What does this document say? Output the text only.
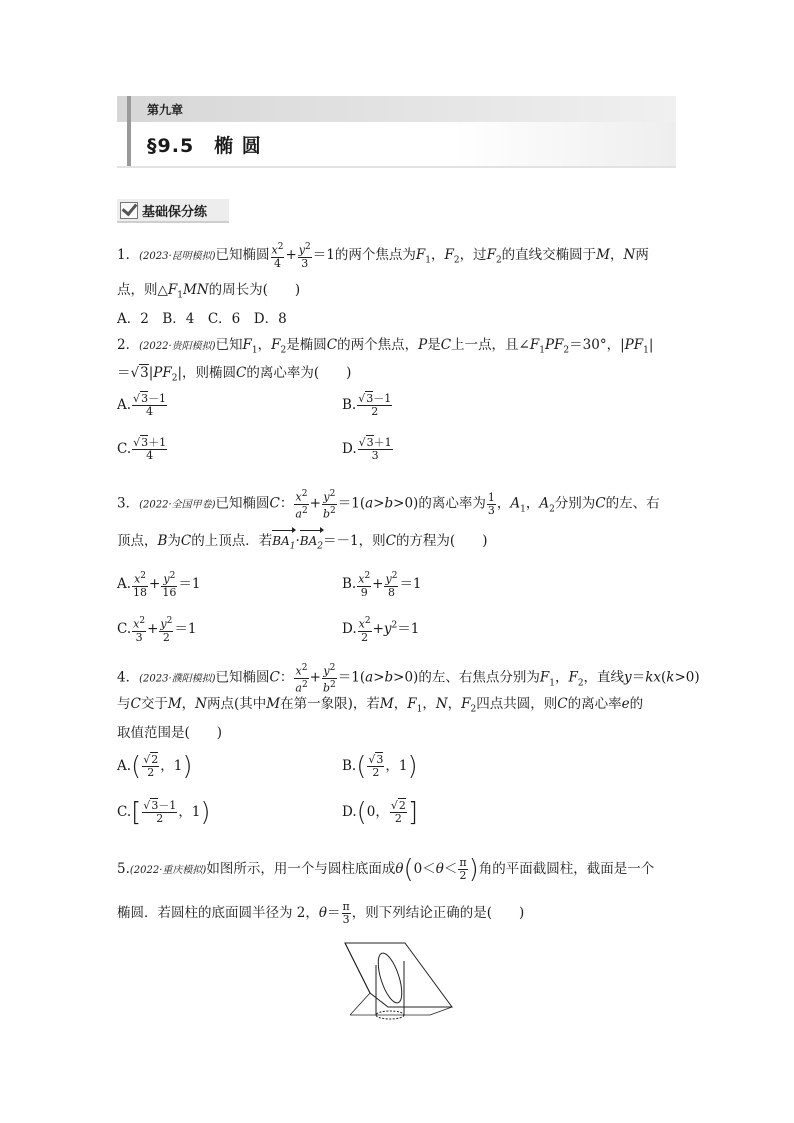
第九章
§9.5　椭 圆
基础保分练
1．(2023·昆明模拟)已知椭圆 $\frac{x^2}{4} + \frac{y^2}{3} =1$的两个焦点为$F_1$，$F_2$，过$F_2$的直线交椭圆于M，N两
点，则$\triangle F_1MN$的周长为(　　)
A．2　B．4　C．6　D．8
2．(2022·贵阳模拟)已知$F_1$，$F_2$是椭圆C的两个焦点，P是C上一点，且$\angle F_1PF_2=30^\circ$，$|PF_1|$
$=√3|PF_2|$，则椭圆C的离心率为(　　)
A. $\frac{√3-1}{4}$	B. $\frac{√3-1}{2}$
C. $\frac{√3+1}{4}$	D. $\frac{√3+1}{3}$
3．(2022·全国甲卷)已知椭圆C： $\frac{x^2}{a^2} + \frac{y^2}{b^2} =1(a>b>0)$的离心率为 $\frac{1}{3}$ ，$A_1$，$A_2$分别为C的左、右
顶点，B为C的上顶点．若$BA_1\cdot BA_2=-1$，则C的方程为(　　)
A. $\frac{x^2}{18} + \frac{y^2}{16} =1$	B. $\frac{x^2}{9} + \frac{y^2}{8} =1$
C. $\frac{x^2}{3} + \frac{y^2}{2} =1$	D. $\frac{x^2}{2} +y^2=1$
4．(2023·濮阳模拟)已知椭圆C： $\frac{x^2}{a^2} + \frac{y^2}{b^2} =1(a>b>0)$的左、右焦点分别为$F_1$，$F_2$，直线y＝kx(k>0)
与C交于M，N两点(其中M在第一象限)，若M，$F_1$，N，$F_2$四点共圆，则C的离心率e的
取值范围是(　　)
$A.( \frac{√2}{2}$ ，1)	$B.( \frac{√3}{2}$ ，1)
$C.[ \frac{√3-1}{2}$ ，1)	D.(0， $\frac{√2}{2}$ ]
5.(2022·重庆模拟)如图所示，用一个与圆柱底面成$\theta(0<\theta< \frac{\pi}{2}$ )角的平面截圆柱，截面是一个
椭圆．若圆柱的底面圆半径为 2，$\theta= \frac{\pi}{3}$ ，则下列结论正确的是(　　)
